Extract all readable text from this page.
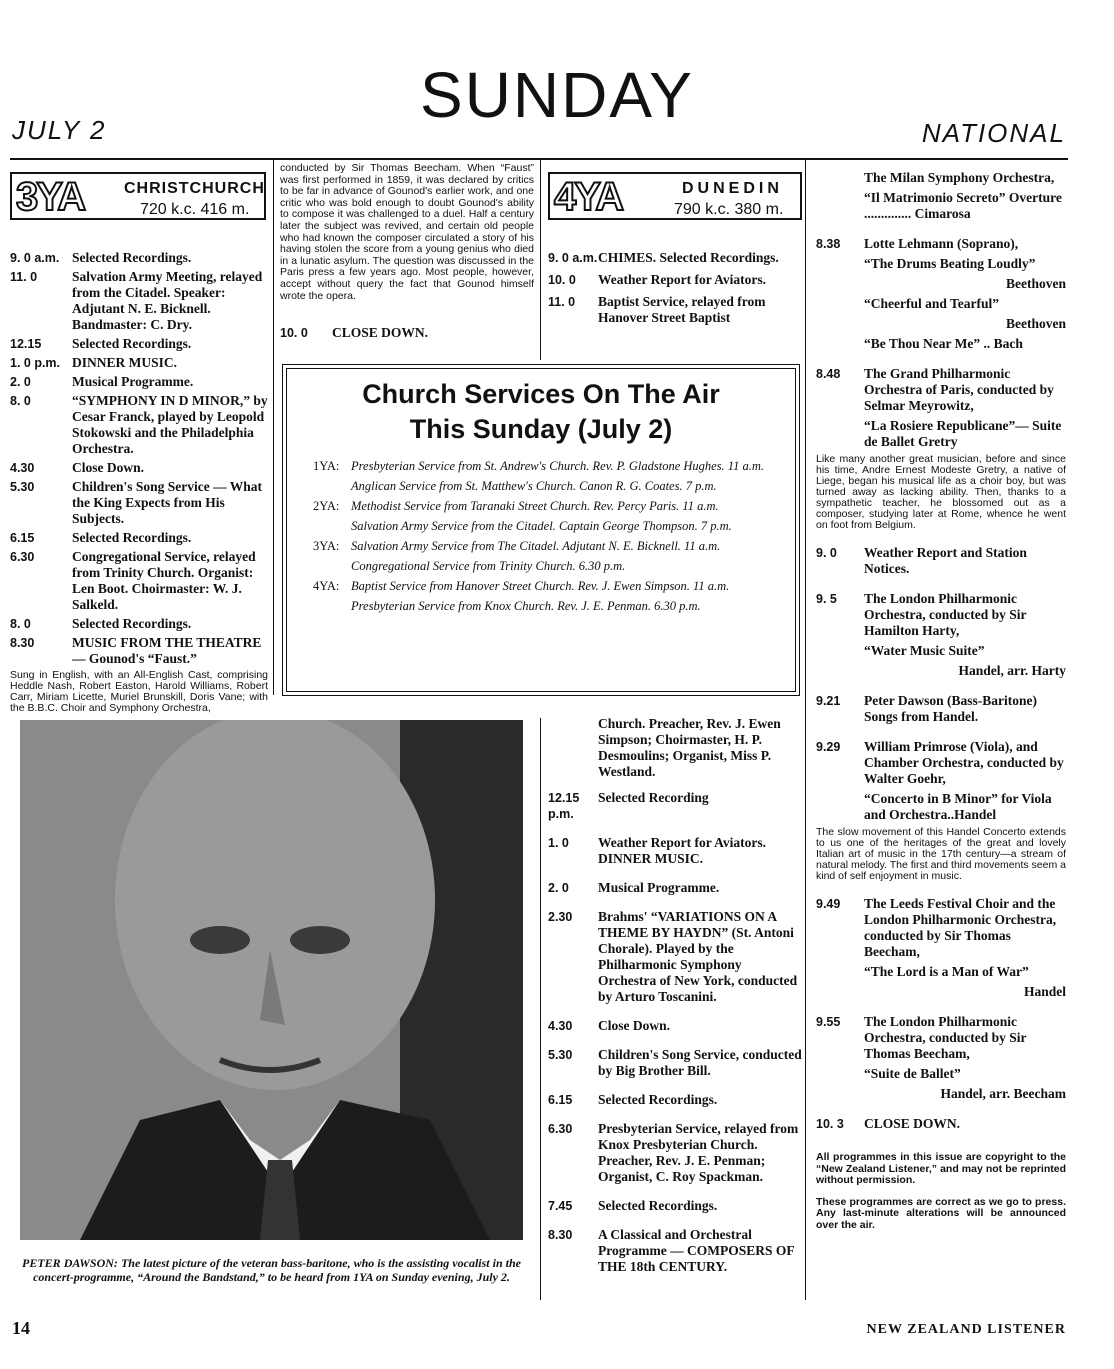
SUNDAY
JULY 2	NATIONAL
3YA CHRISTCHURCH
720 k.c. 416 m.
9. 0 a.m. Selected Recordings.
11. 0	Salvation Army Meeting, relayed from the Citadel. Speaker: Adjutant N. E. Bicknell. Bandmaster: C. Dry.
12.15	Selected Recordings.
1. 0 p.m. DINNER MUSIC.
2. 0	Musical Programme.
8. 0	“SYMPHONY IN D MINOR,” by Cesar Franck, played by Leopold Stokowski and the Philadelphia Orchestra.
4.30	Close Down.
5.30	Children's Song Service — What the King Expects from His Subjects.
6.15	Selected Recordings.
6.30	Congregational Service, relayed from Trinity Church. Organist: Len Boot. Choirmaster: W. J. Salkeld.
8. 0	Selected Recordings.
8.30	MUSIC FROM THE THEATRE— Gounod's “Faust.”
Sung in English, with an All-English Cast, comprising Heddle Nash, Robert Easton, Harold Williams, Robert Carr, Miriam Licette, Muriel Brunskill, Doris Vane; with the B.B.C. Choir and Symphony Orchestra,
conducted by Sir Thomas Beecham. When “Faust” was first performed in 1859, it was declared by critics to be far in advance of Gounod's earlier work, and one critic who was bold enough to doubt Gounod's ability to compose it was challenged to a duel. Half a century later the subject was revived, and certain old people who had known the composer circulated a story of his having stolen the score from a young genius who died in a lunatic asylum. The question was discussed in the Paris press a few years ago. Most people, however, accept without query the fact that Gounod himself wrote the opera.
10. 0	CLOSE DOWN.
4YA	DUNEDIN
790 k.c. 380 m.
9. 0 a.m. CHIMES. Selected Recordings.
10. 0	Weather Report for Aviators.
11. 0	Baptist Service, relayed from Hanover Street Baptist
Church Services On The Air This Sunday (July 2)
1YA: Presbyterian Service from St. Andrew's Church. Rev. P. Gladstone Hughes. 11 a.m.
Anglican Service from St. Matthew's Church. Canon R. G. Coates. 7 p.m.
2YA: Methodist Service from Taranaki Street Church. Rev. Percy Paris. 11 a.m.
Salvation Army Service from the Citadel. Captain George Thompson. 7 p.m.
3YA: Salvation Army Service from The Citadel. Adjutant N. E. Bicknell. 11 a.m.
Congregational Service from Trinity Church. 6.30 p.m.
4YA: Baptist Service from Hanover Street Church. Rev. J. Ewen Simpson. 11 a.m.
Presbyterian Service from Knox Church. Rev. J. E. Penman. 6.30 p.m.
PETER DAWSON: The latest picture of the veteran bass-baritone, who is the assisting vocalist in the concert-programme, “Around the Bandstand,” to be heard from 1YA on Sunday evening, July 2.
Church. Preacher, Rev. J. Ewen Simpson; Choirmaster, H. P. Desmoulins; Organist, Miss P. Westland.
12.15 p.m.
Selected Recording
1. 0	Weather Report for Aviators. DINNER MUSIC.
2. 0	Musical Programme.
2.30	Brahms' “VARIATIONS ON A THEME BY HAYDN” (St. Antoni Chorale). Played by the Philharmonic Symphony Orchestra of New York, conducted by Arturo Toscanini.
4.30	Close Down.
5.30	Children's Song Service, conducted by Big Brother Bill.
6.15	Selected Recordings.
6.30	Presbyterian Service, relayed from Knox Presbyterian Church. Preacher, Rev. J. E. Penman; Organist, C. Roy Spackman.
7.45	Selected Recordings.
8.30	A Classical and Orchestral Programme — COMPOSERS OF THE 18th CENTURY.
The Milan Symphony Orchestra,
“Il Matrimonio Secreto” Overture .............. Cimarosa
8.38	Lotte Lehmann (Soprano),
“The Drums Beating Loudly”
Beethoven
“Cheerful and Tearful”
Beethoven
“Be Thou Near Me” .. Bach
8.48	The Grand Philharmonic Orchestra of Paris, conducted by Selmar Meyrowitz,
“La Rosiere Republicane”— Suite de Ballet Gretry
Like many another great musician, before and since his time, Andre Ernest Modeste Gretry, a native of Liege, began his musical life as a choir boy, but was turned away as lacking ability. Then, thanks to a sympathetic teacher, he blossomed out as a composer, studying later at Rome, whence he went on foot from Belgium.
9. 0	Weather Report and Station Notices.
9. 5	The London Philharmonic Orchestra, conducted by Sir Hamilton Harty,
“Water Music Suite”
Handel, arr. Harty
9.21	Peter Dawson (Bass-Baritone) Songs from Handel.
9.29	William Primrose (Viola), and Chamber Orchestra, conducted by Walter Goehr,
“Concerto in B Minor” for Viola and Orchestra..Handel
The slow movement of this Handel Concerto extends to us one of the heritages of the great and lovely Italian art of music in the 17th century—a stream of natural melody. The first and third movements seem a kind of self enjoyment in music.
9.49	The Leeds Festival Choir and the London Philharmonic Orchestra, conducted by Sir Thomas Beecham,
“The Lord is a Man of War”
Handel
9.55	The London Philharmonic Orchestra, conducted by Sir Thomas Beecham,
“Suite de Ballet”
Handel, arr. Beecham
10. 3	CLOSE DOWN.
All programmes in this issue are copyright to the “New Zealand Listener,” and may not be reprinted without permission.
These programmes are correct as we go to press. Any last-minute alterations will be announced over the air.
14	NEW ZEALAND LISTENER
